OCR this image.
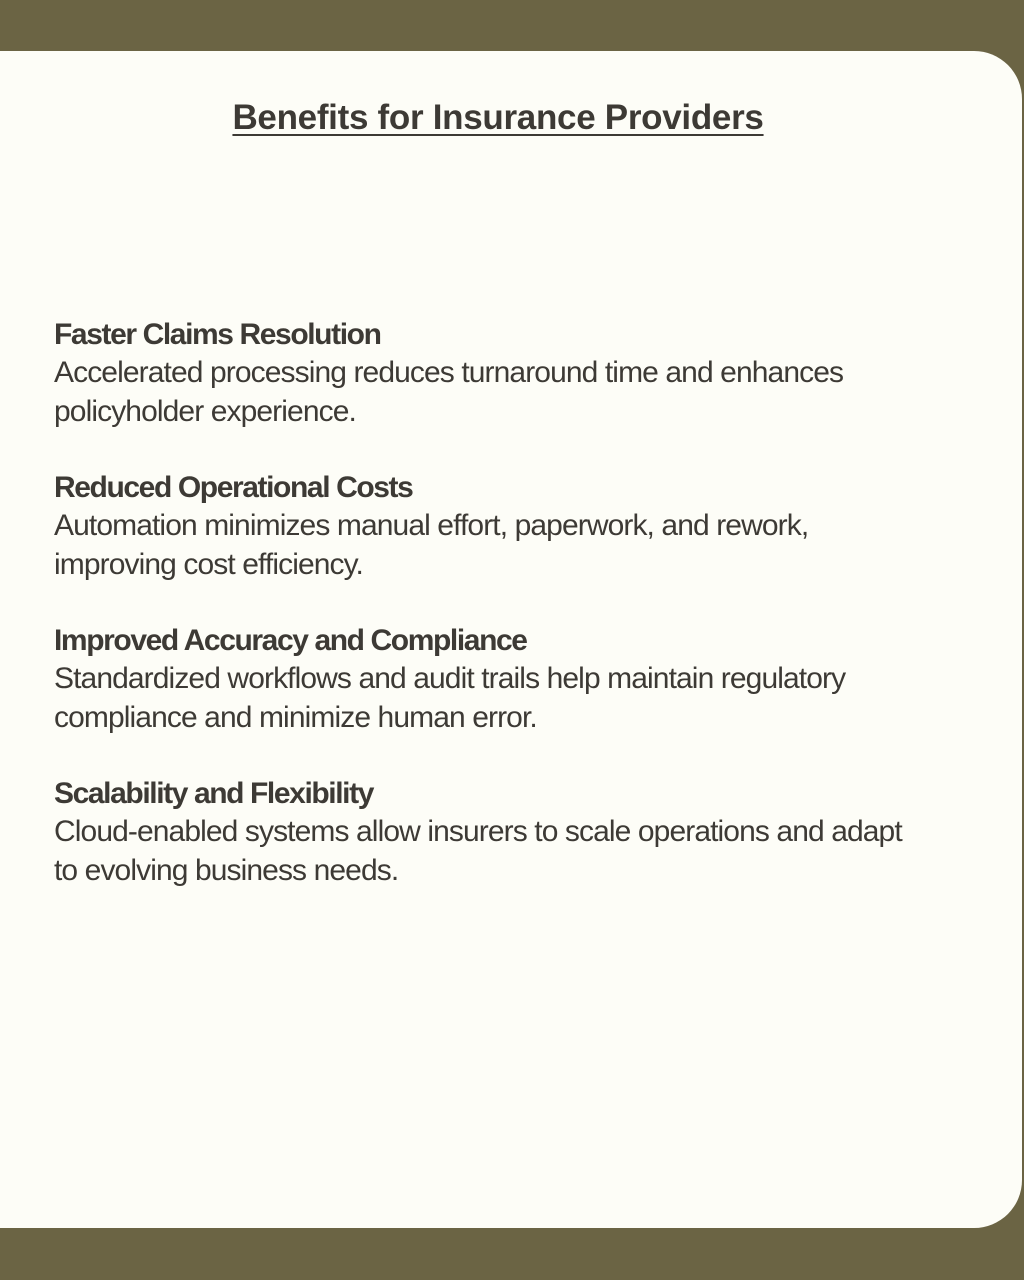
Benefits for Insurance Providers

Faster Claims Resolution

Accelerated processing reduces turnaround time and enhances
policyholder experience.

Reduced Operational Costs

Automation minimizes manual effort, paperwork, and rework,
improving cost efficiency.

Improved Accuracy and Compliance

Standardized workflows and audit trails help maintain regulatory
compliance and minimize human error.

Scalability and Flexibility

Cloud-enabled systems allow insurers to scale operations and adapt
to evolving business needs.
